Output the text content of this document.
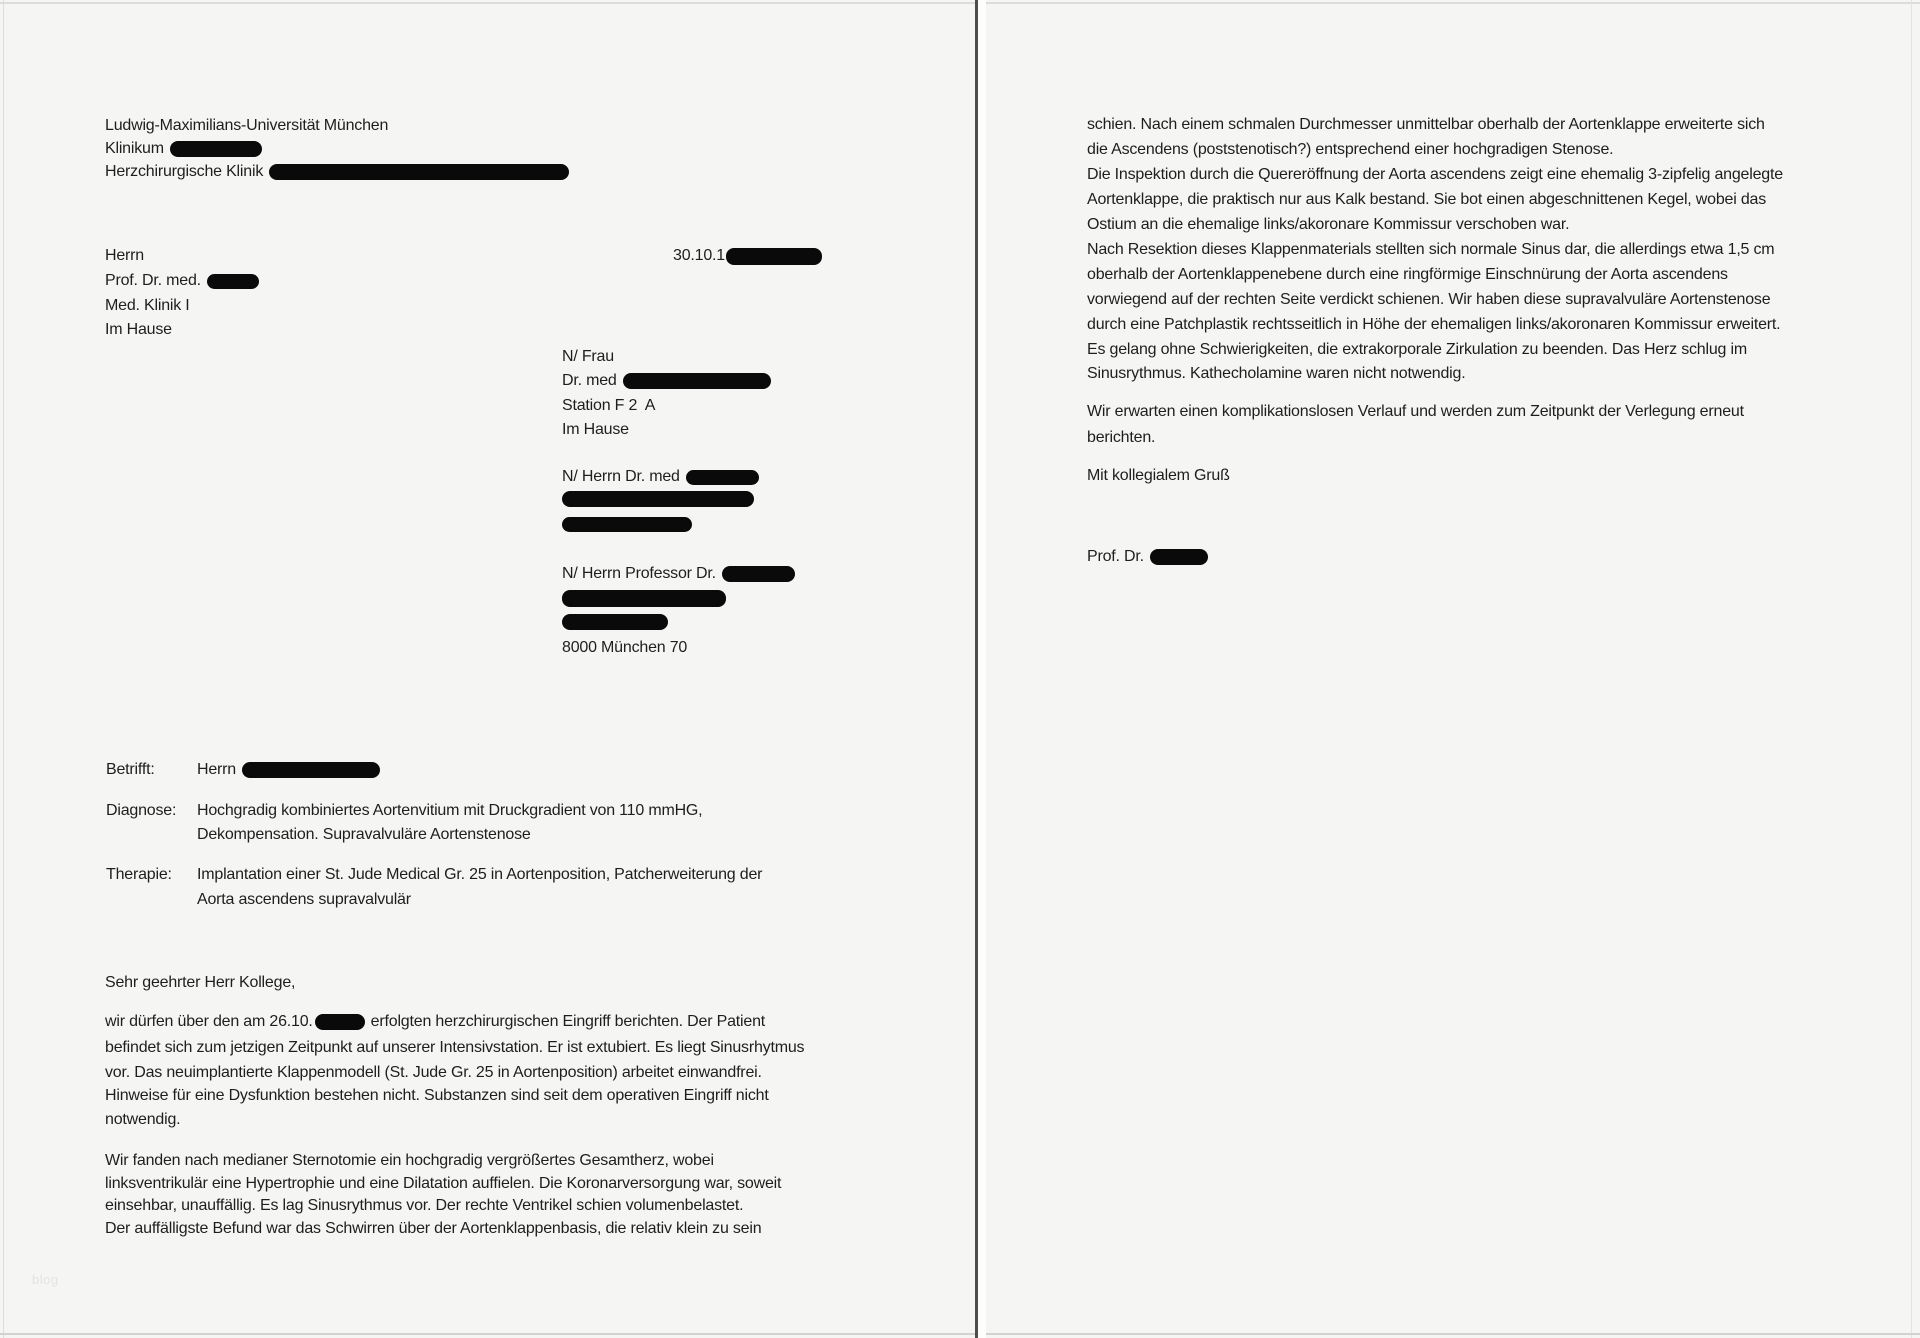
Ludwig-Maximilians-Universität München
Klinikum
Herzchirurgische Klinik
30.10.1
Herrn
Prof. Dr. med.
Med. Klinik I
Im Hause
N/ Frau
Dr. med
Station F 2  A
Im Hause
N/ Herrn Dr. med
N/ Herrn Professor Dr.
8000 München 70
Betrifft:	Herrn
Diagnose: Hochgradig kombiniertes Aortenvitium mit Druckgradient von 110 mmHG,
Dekompensation. Supravalvuläre Aortenstenose
Therapie: Implantation einer St. Jude Medical Gr. 25 in Aortenposition, Patcherweiterung der
Aorta ascendens supravalvulär
Sehr geehrter Herr Kollege,
wir dürfen über den am 26.10.	erfolgten herzchirurgischen Eingriff berichten. Der Patient
befindet sich zum jetzigen Zeitpunkt auf unserer Intensivstation. Er ist extubiert. Es liegt Sinusrhytmus
vor. Das neuimplantierte Klappenmodell (St. Jude Gr. 25 in Aortenposition) arbeitet einwandfrei.
Hinweise für eine Dysfunktion bestehen nicht. Substanzen sind seit dem operativen Eingriff nicht
notwendig.
Wir fanden nach medianer Sternotomie ein hochgradig vergrößertes Gesamtherz, wobei
linksventrikulär eine Hypertrophie und eine Dilatation auffielen. Die Koronarversorgung war, soweit
einsehbar, unauffällig. Es lag Sinusrythmus vor. Der rechte Ventrikel schien volumenbelastet.
Der auffälligste Befund war das Schwirren über der Aortenklappenbasis, die relativ klein zu sein
blog
schien. Nach einem schmalen Durchmesser unmittelbar oberhalb der Aortenklappe erweiterte sich
die Ascendens (poststenotisch?) entsprechend einer hochgradigen Stenose.
Die Inspektion durch die Quereröffnung der Aorta ascendens zeigt eine ehemalig 3-zipfelig angelegte
Aortenklappe, die praktisch nur aus Kalk bestand. Sie bot einen abgeschnittenen Kegel, wobei das
Ostium an die ehemalige links/akoronare Kommissur verschoben war.
Nach Resektion dieses Klappenmaterials stellten sich normale Sinus dar, die allerdings etwa 1,5 cm
oberhalb der Aortenklappenebene durch eine ringförmige Einschnürung der Aorta ascendens
vorwiegend auf der rechten Seite verdickt schienen. Wir haben diese supravalvuläre Aortenstenose
durch eine Patchplastik rechtsseitlich in Höhe der ehemaligen links/akoronaren Kommissur erweitert.
Es gelang ohne Schwierigkeiten, die extrakorporale Zirkulation zu beenden. Das Herz schlug im
Sinusrythmus. Kathecholamine waren nicht notwendig.
Wir erwarten einen komplikationslosen Verlauf und werden zum Zeitpunkt der Verlegung erneut
berichten.
Mit kollegialem Gruß
Prof. Dr.
